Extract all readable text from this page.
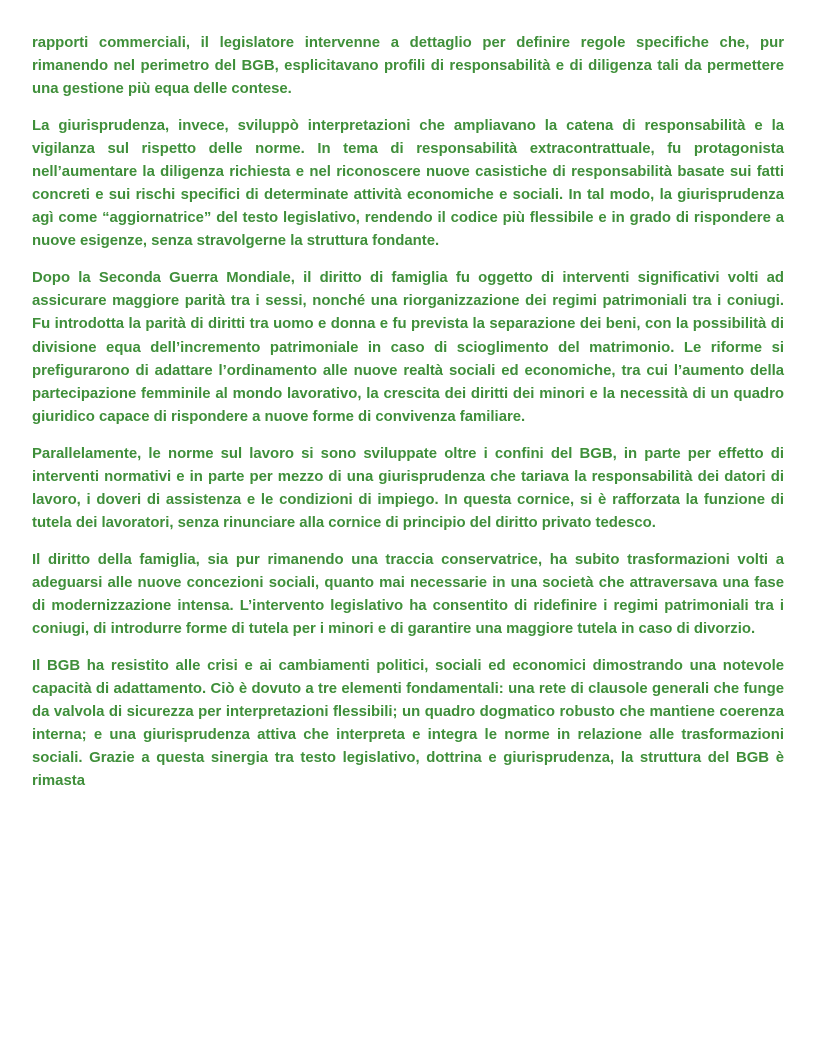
rapporti commerciali, il legislatore intervenne a dettaglio per definire regole specifiche che, pur rimanendo nel perimetro del BGB, esplicitavano profili di responsabilità e di diligenza tali da permettere una gestione più equa delle contese.

La giurisprudenza, invece, sviluppò interpretazioni che ampliavano la catena di responsabilità e la vigilanza sul rispetto delle norme. In tema di responsabilità extracontrattuale, fu protagonista nell’aumentare la diligenza richiesta e nel riconoscere nuove casistiche di responsabilità basate sui fatti concreti e sui rischi specifici di determinate attività economiche e sociali. In tal modo, la giurisprudenza agì come “aggiornatrice” del testo legislativo, rendendo il codice più flessibile e in grado di rispondere a nuove esigenze, senza stravolgerne la struttura fondante.

Dopo la Seconda Guerra Mondiale, il diritto di famiglia fu oggetto di interventi significativi volti ad assicurare maggiore parità tra i sessi, nonché una riorganizzazione dei regimi patrimoniali tra i coniugi. Fu introdotta la parità di diritti tra uomo e donna e fu prevista la separazione dei beni, con la possibilità di divisione equa dell’incremento patrimoniale in caso di scioglimento del matrimonio. Le riforme si prefigurarono di adattare l’ordinamento alle nuove realtà sociali ed economiche, tra cui l’aumento della partecipazione femminile al mondo lavorativo, la crescita dei diritti dei minori e la necessità di un quadro giuridico capace di rispondere a nuove forme di convivenza familiare.

Parallelamente, le norme sul lavoro si sono sviluppate oltre i confini del BGB, in parte per effetto di interventi normativi e in parte per mezzo di una giurisprudenza che tariava la responsabilità dei datori di lavoro, i doveri di assistenza e le condizioni di impiego. In questa cornice, si è rafforzata la funzione di tutela dei lavoratori, senza rinunciare alla cornice di principio del diritto privato tedesco.

Il diritto della famiglia, sia pur rimanendo una traccia conservatrice, ha subito trasformazioni volti a adeguarsi alle nuove concezioni sociali, quanto mai necessarie in una società che attraversava una fase di modernizzazione intensa. L’intervento legislativo ha consentito di ridefinire i regimi patrimoniali tra i coniugi, di introdurre forme di tutela per i minori e di garantire una maggiore tutela in caso di divorzio.

Il BGB ha resistito alle crisi e ai cambiamenti politici, sociali ed economici dimostrando una notevole capacità di adattamento. Ciò è dovuto a tre elementi fondamentali: una rete di clausole generali che funge da valvola di sicurezza per interpretazioni flessibili; un quadro dogmatico robusto che mantiene coerenza interna; e una giurisprudenza attiva che interpreta e integra le norme in relazione alle trasformazioni sociali. Grazie a questa sinergia tra testo legislativo, dottrina e giurisprudenza, la struttura del BGB è rimasta
